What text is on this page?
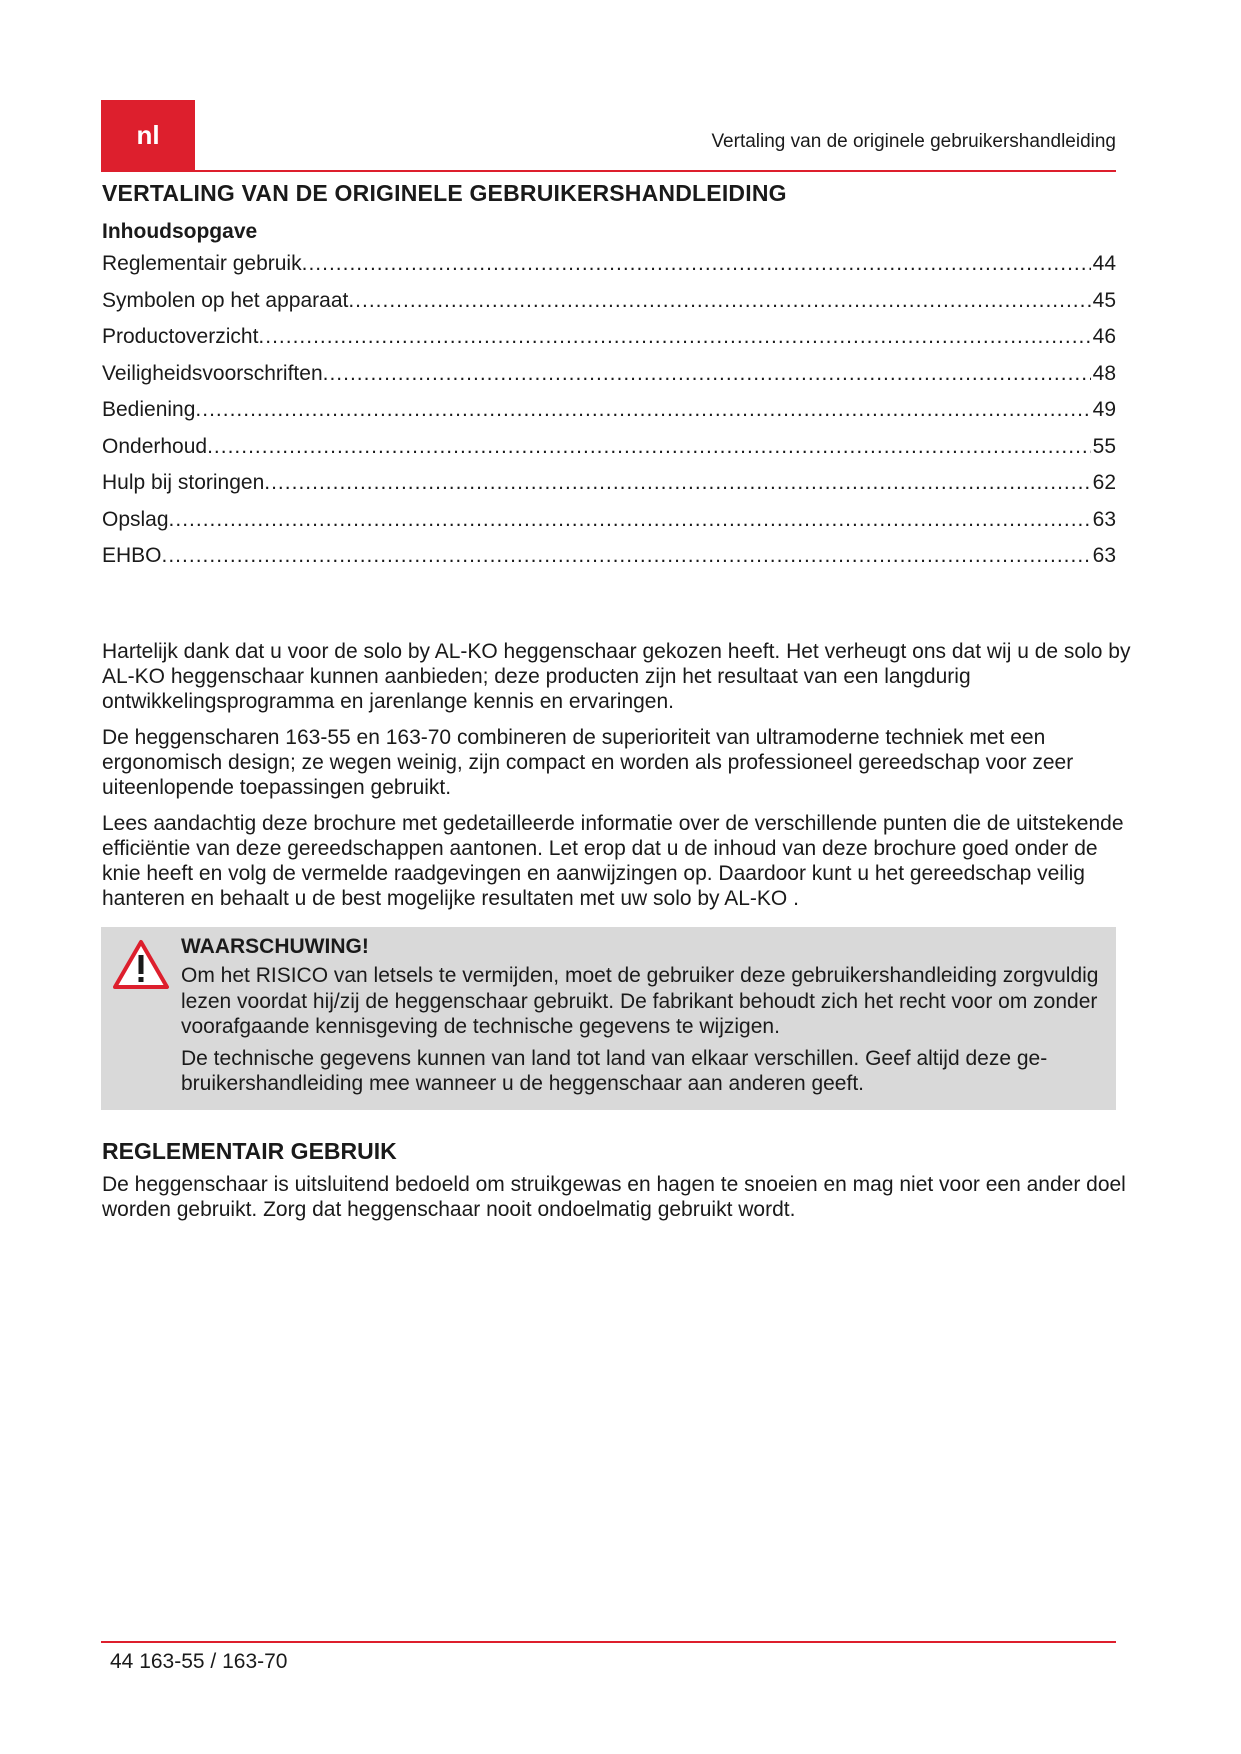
nl	Vertaling van de originele gebruikershandleiding
VERTALING VAN DE ORIGINELE GEBRUIKERSHANDLEIDING
Inhoudsopgave
Reglementair gebruik .....	44
Symbolen op het apparaat .....	45
Productoverzicht .....	46
Veiligheidsvoorschriften .....	48
Bediening .....	49
Onderhoud .....	55
Hulp bij storingen .....	62
Opslag .....	63
EHBO .....	63

Hartelijk dank dat u voor de solo by AL-KO heggenschaar gekozen heeft. Het verheugt ons dat wij u de solo by AL-KO heggenschaar kunnen aanbieden; deze producten zijn het resultaat van een langdurig ontwikkelingsprogramma en jarenlange kennis en ervaringen.

De heggenscharen 163-55 en 163-70 combineren de superioriteit van ultramoderne techniek met een ergonomisch design; ze wegen weinig, zijn compact en worden als professioneel gereedschap voor zeer uiteenlopende toepassingen gebruikt.

Lees aandachtig deze brochure met gedetailleerde informatie over de verschillende punten die de uitstekende efficiëntie van deze gereedschappen aantonen. Let erop dat u de inhoud van deze brochure goed onder de knie heeft en volg de vermelde raadgevingen en aanwijzingen op. Daardoor kunt u het gereedschap veilig hanteren en behaalt u de best mogelijke resultaten met uw solo by AL-KO .

WAARSCHUWING!

Om het RISICO van letsels te vermijden, moet de gebruiker deze gebruikershandleiding zorgvuldig lezen voordat hij/zij de heggenschaar gebruikt. De fabrikant behoudt zich het recht voor om zonder voorafgaande kennisgeving de technische gegevens te wijzigen.

De technische gegevens kunnen van land tot land van elkaar verschillen. Geef altijd deze gebruikershandleiding mee wanneer u de heggenschaar aan anderen geeft.

REGLEMENTAIR GEBRUIK

De heggenschaar is uitsluitend bedoeld om struikgewas en hagen te snoeien en mag niet voor een ander doel worden gebruikt. Zorg dat heggenschaar nooit ondoelmatig gebruikt wordt.

44 163-55 / 163-70
